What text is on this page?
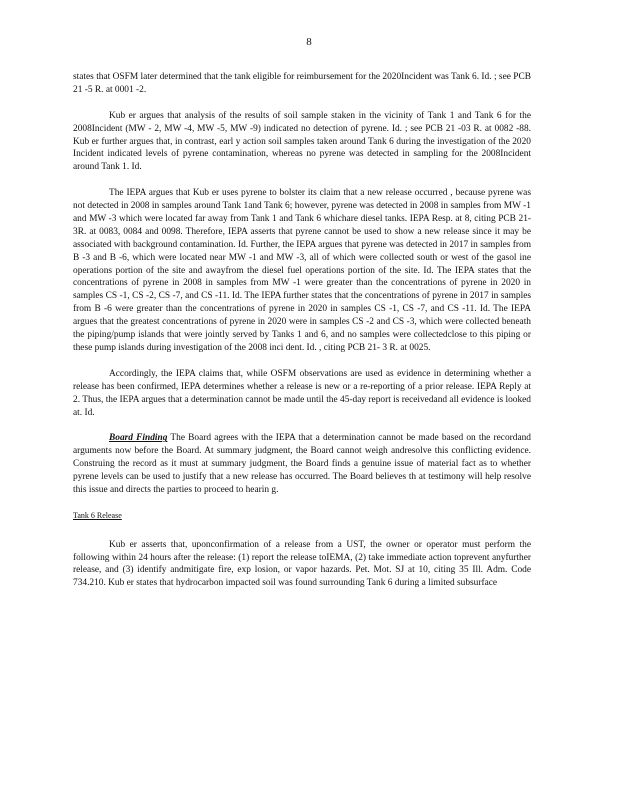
8

states that OSFM later determined that the tank eligible for reimbursement for the 2020Incident was Tank 6. Id. ; see PCB 21 -5 R. at 0001 -2.

Kub er argues that analysis of the results of soil sample staken in the vicinity of Tank 1 and Tank 6 for the 2008Incident (MW - 2, MW -4, MW -5, MW -9) indicated no detection of pyrene. Id. ; see PCB 21 -03 R. at 0082 -88. Kub er further argues that, in contrast, earl y action soil samples taken around Tank 6 during the investigation of the 2020 Incident indicated levels of pyrene contamination, whereas no pyrene was detected in sampling for the 2008Incident around Tank 1. Id.

The IEPA argues that Kub er uses pyrene to bolster its claim that a new release occurred , because pyrene was not detected in 2008 in samples around Tank 1and Tank 6; however, pyrene was detected in 2008 in samples from MW -1 and MW -3 which were located far away from Tank 1 and Tank 6 whichare diesel tanks. IEPA Resp. at 8, citing PCB 21- 3R. at 0083, 0084 and 0098. Therefore, IEPA asserts that pyrene cannot be used to show a new release since it may be associated with background contamination. Id. Further, the IEPA argues that pyrene was detected in 2017 in samples from B -3 and B -6, which were located near MW -1 and MW -3, all of which were collected south or west of the gasol ine operations portion of the site and awayfrom the diesel fuel operations portion of the site. Id. The IEPA states that the concentrations of pyrene in 2008 in samples from MW -1 were greater than the concentrations of pyrene in 2020 in samples CS -1, CS -2, CS -7, and CS -11. Id. The IEPA further states that the concentrations of pyrene in 2017 in samples from B -6 were greater than the concentrations of pyrene in 2020 in samples CS -1, CS -7, and CS -11. Id. The IEPA argues that the greatest concentrations of pyrene in 2020 were in samples CS -2 and CS -3, which were collected beneath the piping/pump islands that were jointly served by Tanks 1 and 6, and no samples were collectedclose to this piping or these pump islands during investigation of the 2008 inci dent. Id. , citing PCB 21- 3 R. at 0025.

Accordingly, the IEPA claims that, while OSFM observations are used as evidence in determining whether a release has been confirmed, IEPA determines whether a release is new or a re-reporting of a prior release. IEPA Reply at 2. Thus, the IEPA argues that a determination cannot be made until the 45-day report is receivedand all evidence is looked at. Id.

Board Finding The Board agrees with the IEPA that a determination cannot be made based on the recordand arguments now before the Board. At summary judgment, the Board cannot weigh andresolve this conflicting evidence. Construing the record as it must at summary judgment, the Board finds a genuine issue of material fact as to whether pyrene levels can be used to justify that a new release has occurred. The Board believes th at testimony will help resolve this issue and directs the parties to proceed to hearin g.

Tank 6 Release

Kub er asserts that, uponconfirmation of a release from a UST, the owner or operator must perform the following within 24 hours after the release: (1) report the release toIEMA, (2) take immediate action toprevent anyfurther release, and (3) identify andmitigate fire, exp losion, or vapor hazards. Pet. Mot. SJ at 10, citing 35 Ill. Adm. Code 734.210. Kub er states that hydrocarbon impacted soil was found surrounding Tank 6 during a limited subsurface
